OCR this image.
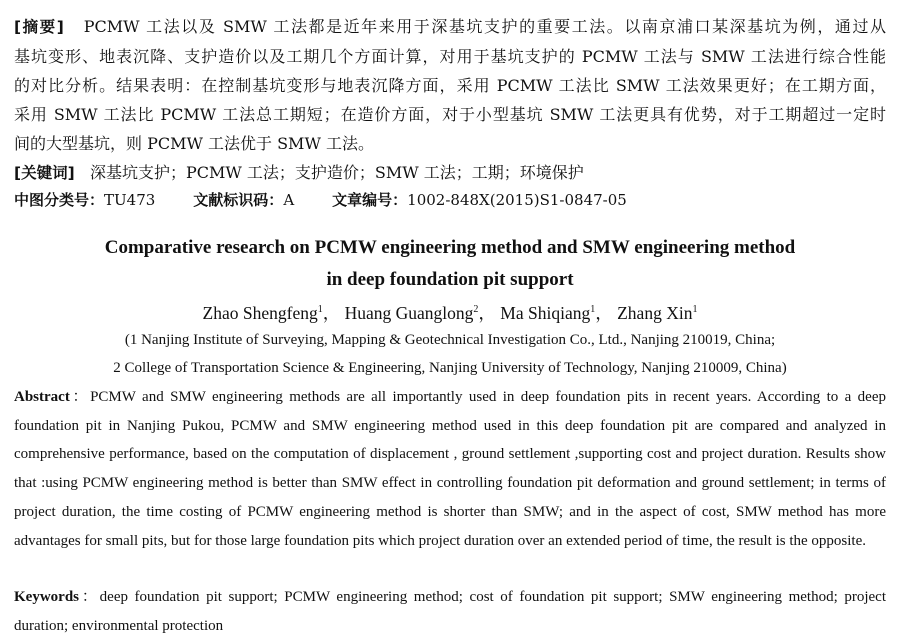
[摘要] PCMW 工法以及 SMW 工法都是近年来用于深基坑支护的重要工法。以南京浦口某深基坑为例，通过从
基坑变形、地表沉降、支护造价以及工期几个方面计算，对用于基坑支护的 PCMW 工法与 SMW 工法进行综合性能
的对比分析。结果表明：在控制基坑变形与地表沉降方面，采用 PCMW 工法比 SMW 工法效果更好；在工期方面，
采用 SMW 工法比 PCMW 工法总工期短；在造价方面，对于小型基坑 SMW 工法更具有优势，对于工期超过一定时
间的大型基坑，则 PCMW 工法优于 SMW 工法。
[关键词] 深基坑支护；PCMW 工法；支护造价；SMW 工法；工期；环境保护
中图分类号：TU473	文献标识码：A	文章编号：1002-848X(2015)S1-0847-05
Comparative research on PCMW engineering method and SMW engineering method
in deep foundation pit support
Zhao Shengfeng$^1$， Huang Guanglong$^2$， Ma Shiqiang$^1$， Zhang Xin$^1$
(1 Nanjing Institute of Surveying, Mapping & Geotechnical Investigation Co., Ltd., Nanjing 210019, China;
2 College of Transportation Science & Engineering, Nanjing University of Technology, Nanjing 210009, China)
Abstract：PCMW and SMW engineering methods are all importantly used in deep foundation pits in recent years. According to a deep foundation pit in Nanjing Pukou, PCMW and SMW engineering method used in this deep foundation pit are compared and analyzed in comprehensive performance, based on the computation of displacement , ground settlement ,supporting cost and project duration. Results show that :using PCMW engineering method is better than SMW effect in controlling foundation pit deformation and ground settlement; in terms of project duration, the time costing of PCMW engineering method is shorter than SMW; and in the aspect of cost, SMW method has more advantages for small pits, but for those large foundation pits which project duration over an extended period of time, the result is the opposite.
Keywords：deep foundation pit support; PCMW engineering method; cost of foundation pit support; SMW engineering method; project duration; environmental protection
